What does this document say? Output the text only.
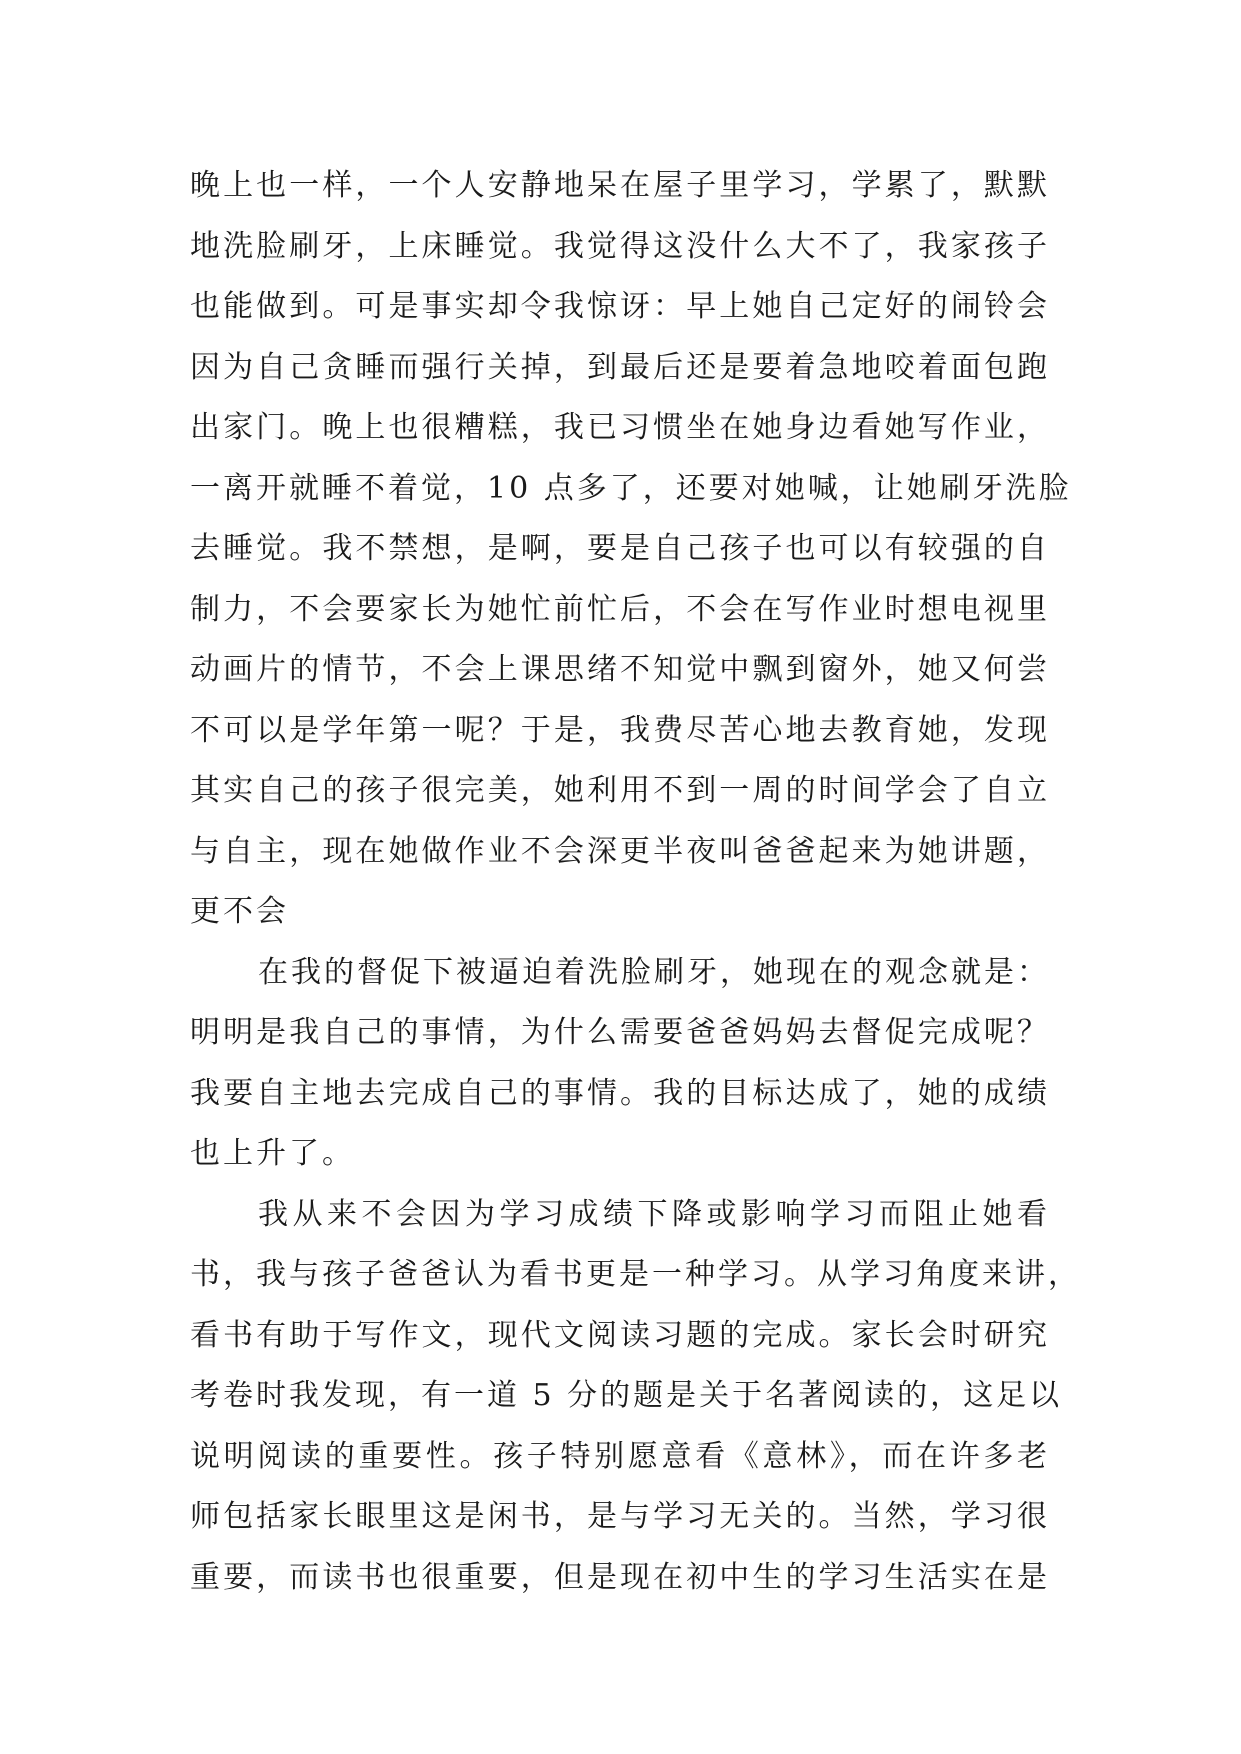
晚上也一样，一个人安静地呆在屋子里学习，学累了，默默
地洗脸刷牙，上床睡觉。我觉得这没什么大不了，我家孩子
也能做到。可是事实却令我惊讶：早上她自己定好的闹铃会
因为自己贪睡而强行关掉，到最后还是要着急地咬着面包跑
出家门。晚上也很糟糕，我已习惯坐在她身边看她写作业，
一离开就睡不着觉，10 点多了，还要对她喊，让她刷牙洗脸
去睡觉。我不禁想，是啊，要是自己孩子也可以有较强的自
制力，不会要家长为她忙前忙后，不会在写作业时想电视里
动画片的情节，不会上课思绪不知觉中飘到窗外，她又何尝
不可以是学年第一呢？于是，我费尽苦心地去教育她，发现
其实自己的孩子很完美，她利用不到一周的时间学会了自立
与自主，现在她做作业不会深更半夜叫爸爸起来为她讲题，
更不会
在我的督促下被逼迫着洗脸刷牙，她现在的观念就是：
明明是我自己的事情，为什么需要爸爸妈妈去督促完成呢？
我要自主地去完成自己的事情。我的目标达成了，她的成绩
也上升了。
我从来不会因为学习成绩下降或影响学习而阻止她看
书，我与孩子爸爸认为看书更是一种学习。从学习角度来讲，
看书有助于写作文，现代文阅读习题的完成。家长会时研究
考卷时我发现，有一道 5 分的题是关于名著阅读的，这足以
说明阅读的重要性。孩子特别愿意看《意林》，而在许多老
师包括家长眼里这是闲书，是与学习无关的。当然，学习很
重要，而读书也很重要，但是现在初中生的学习生活实在是
